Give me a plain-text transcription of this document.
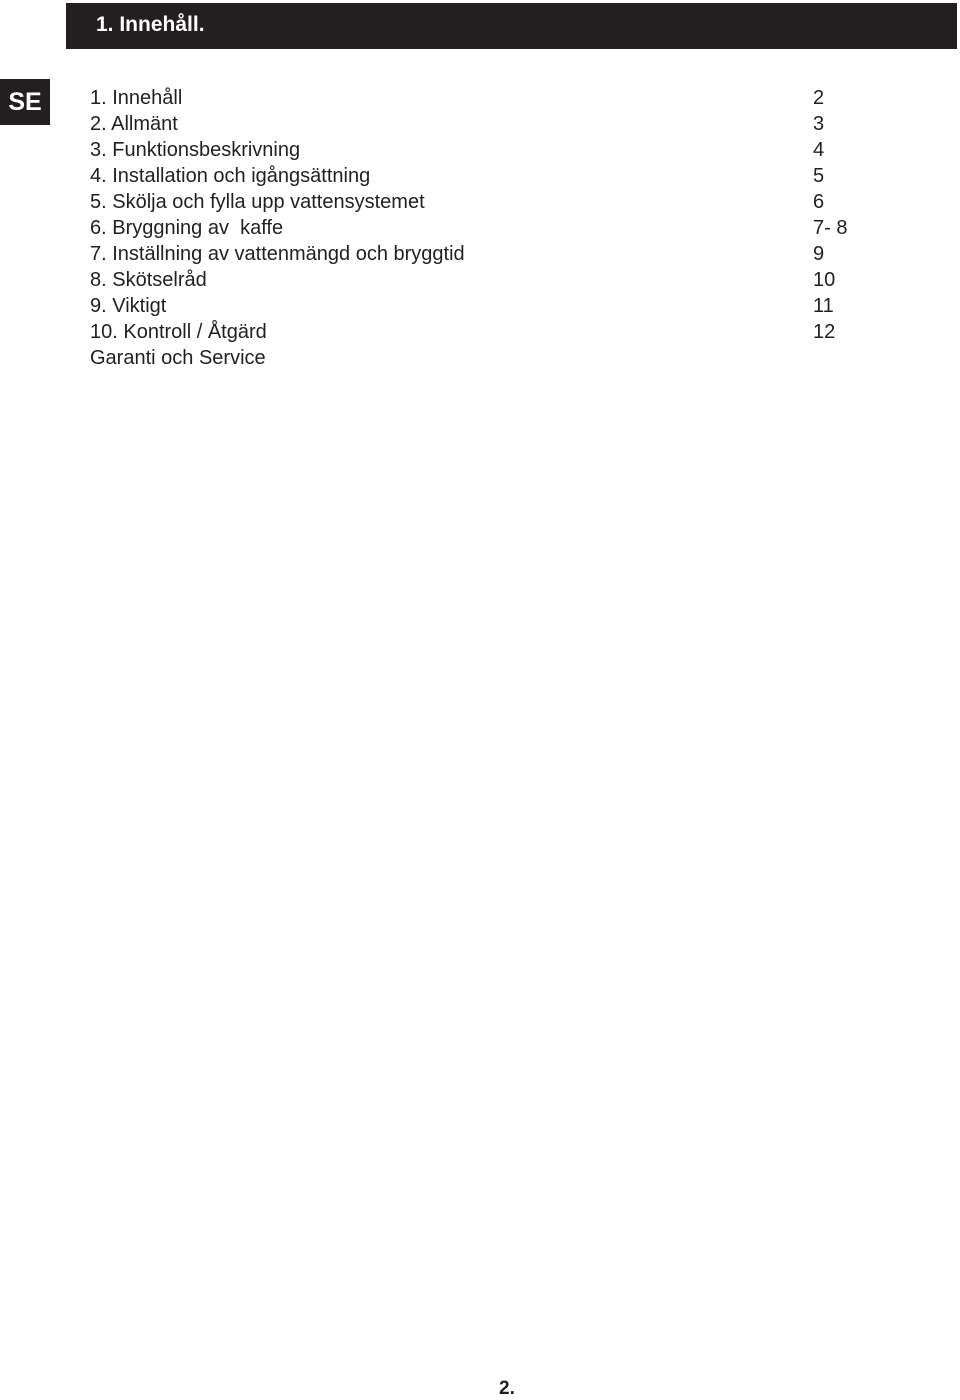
1. Innehåll.
SE	1. Innehåll	2
2. Allmänt	3
3. Funktionsbeskrivning	4
4. Installation och igångsättning	5
5. Skölja och fylla upp vattensystemet	6
6. Bryggning av  kaffe	7- 8
7. Inställning av vattenmängd och bryggtid	9
8. Skötselråd	10
9. Viktigt	11
10. Kontroll / Åtgärd	12
Garanti och Service
2.
